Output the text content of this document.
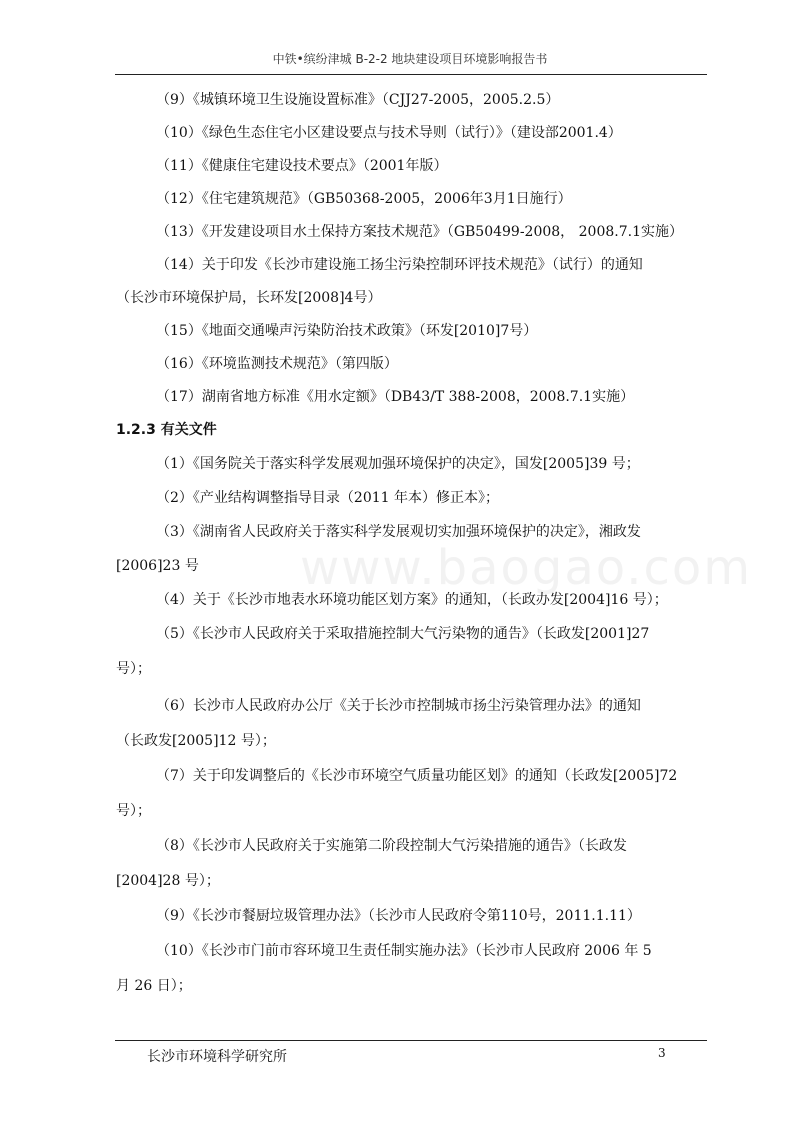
中铁•缤纷津城 B-2-2 地块建设项目环境影响报告书
www.baogao.com
（9）《城镇环境卫生设施设置标准》（CJJ27-2005，2005.2.5）
（10）《绿色生态住宅小区建设要点与技术导则（试行）》（建设部2001.4）
（11）《健康住宅建设技术要点》（2001年版）
（12）《住宅建筑规范》（GB50368-2005，2006年3月1日施行）
（13）《开发建设项目水土保持方案技术规范》（GB50499-2008， 2008.7.1实施）
（14）关于印发《长沙市建设施工扬尘污染控制环评技术规范》（试行）的通知
（长沙市环境保护局，长环发[2008]4号）
（15）《地面交通噪声污染防治技术政策》（环发[2010]7号）
（16）《环境监测技术规范》（第四版）
（17）湖南省地方标准《用水定额》（DB43/T 388-2008，2008.7.1实施）
1.2.3 有关文件
（1）《国务院关于落实科学发展观加强环境保护的决定》，国发[2005]39 号；
（2）《产业结构调整指导目录（2011 年本）修正本》；
（3）《湖南省人民政府关于落实科学发展观切实加强环境保护的决定》，湘政发
[2006]23 号
（4）关于《长沙市地表水环境功能区划方案》的通知，（长政办发[2004]16 号）；
（5）《长沙市人民政府关于采取措施控制大气污染物的通告》（长政发[2001]27
号）；
（6）长沙市人民政府办公厅《关于长沙市控制城市扬尘污染管理办法》的通知
（长政发[2005]12 号）；
（7）关于印发调整后的《长沙市环境空气质量功能区划》的通知（长政发[2005]72
号）；
（8）《长沙市人民政府关于实施第二阶段控制大气污染措施的通告》（长政发
[2004]28 号）；
（9）《长沙市餐厨垃圾管理办法》（长沙市人民政府令第110号，2011.1.11）
（10）《长沙市门前市容环境卫生责任制实施办法》（长沙市人民政府 2006 年 5
月 26 日）；
长沙市环境科学研究所	3
